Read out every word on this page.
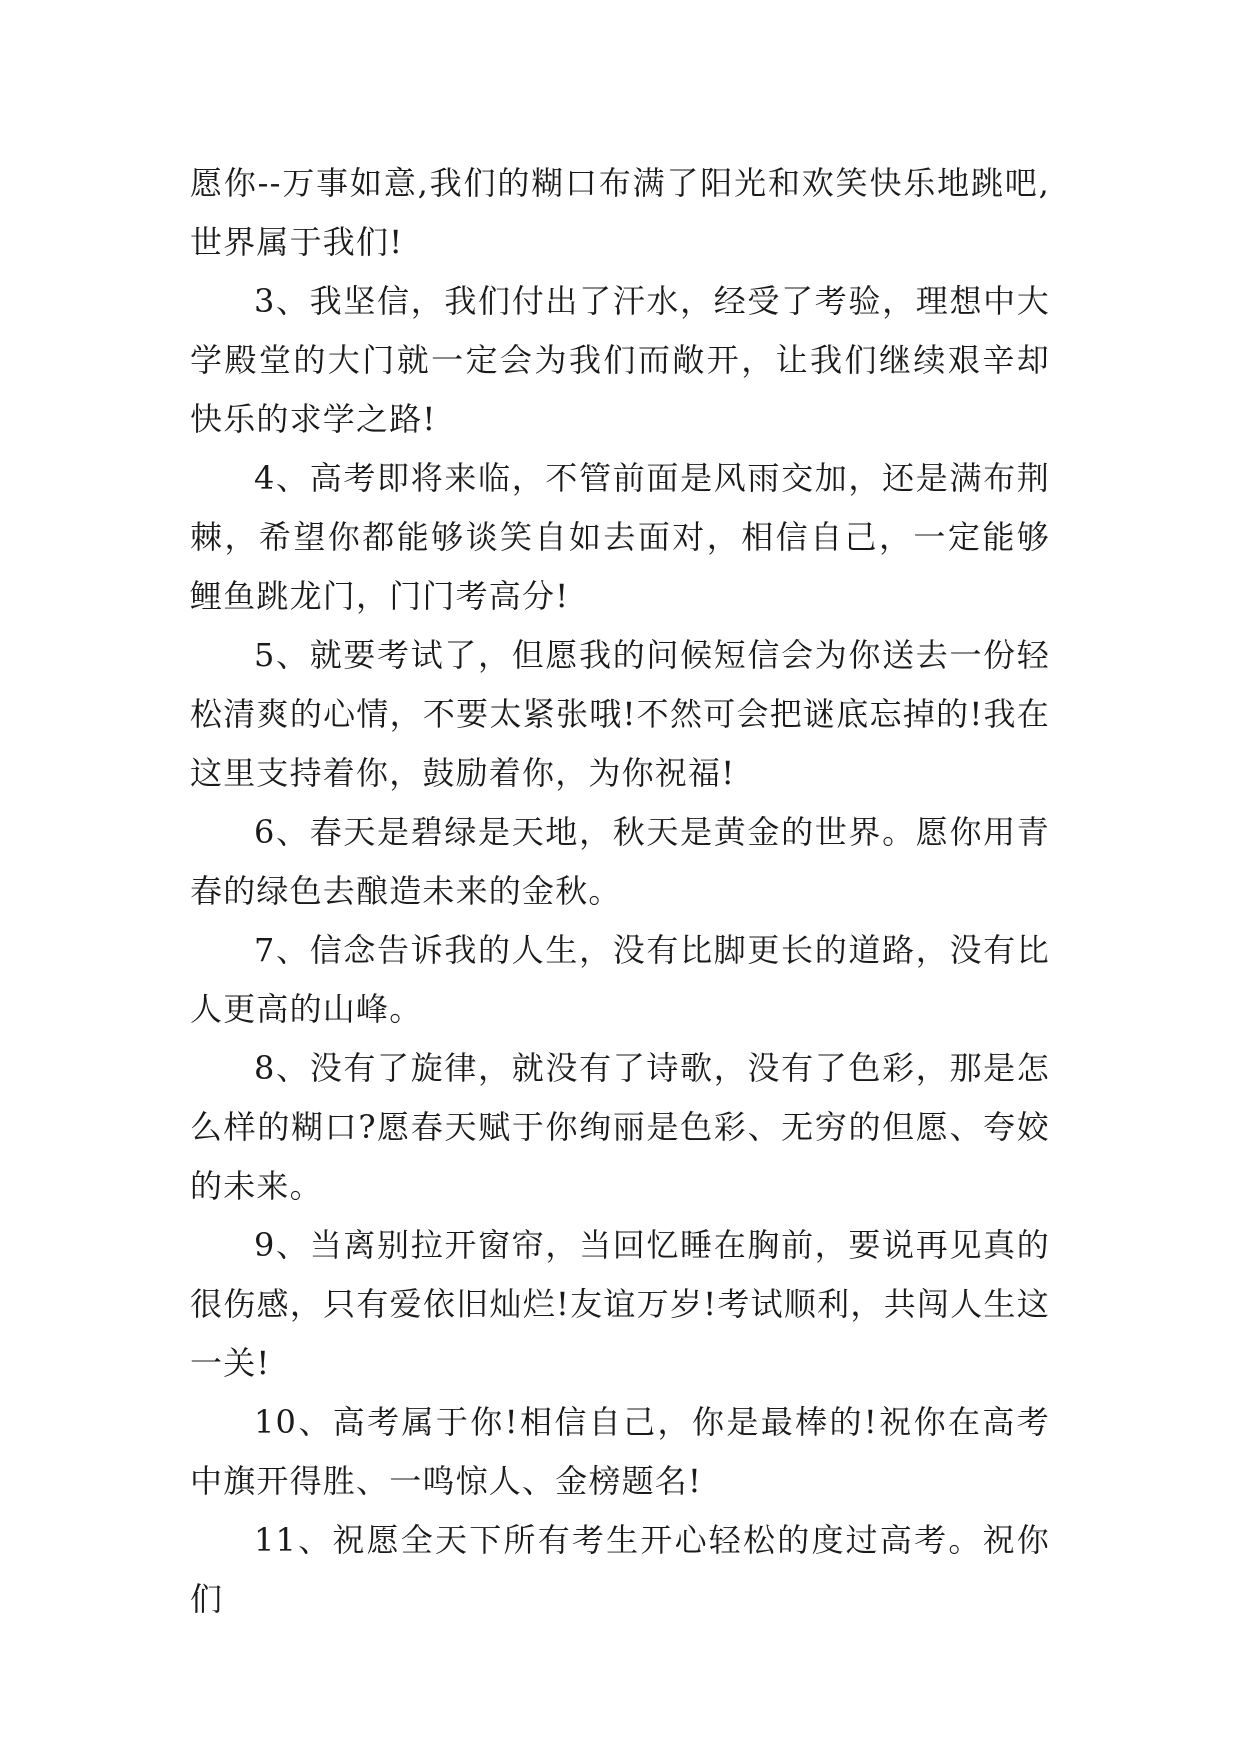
愿你--万事如意,我们的糊口布满了阳光和欢笑快乐地跳吧,世界属于我们!

3、我坚信，我们付出了汗水，经受了考验，理想中大学殿堂的大门就一定会为我们而敞开，让我们继续艰辛却快乐的求学之路!

4、高考即将来临，不管前面是风雨交加，还是满布荆棘，希望你都能够谈笑自如去面对，相信自己，一定能够鲤鱼跳龙门，门门考高分!

5、就要考试了，但愿我的问候短信会为你送去一份轻松清爽的心情，不要太紧张哦!不然可会把谜底忘掉的!我在这里支持着你，鼓励着你，为你祝福!

6、春天是碧绿是天地，秋天是黄金的世界。愿你用青春的绿色去酿造未来的金秋。

7、信念告诉我的人生，没有比脚更长的道路，没有比人更高的山峰。

8、没有了旋律，就没有了诗歌，没有了色彩，那是怎么样的糊口?愿春天赋于你绚丽是色彩、无穷的但愿、夸姣的未来。

9、当离别拉开窗帘，当回忆睡在胸前，要说再见真的很伤感，只有爱依旧灿烂!友谊万岁!考试顺利，共闯人生这一关!

10、高考属于你!相信自己，你是最棒的!祝你在高考中旗开得胜、一鸣惊人、金榜题名!

11、祝愿全天下所有考生开心轻松的度过高考。祝你们
